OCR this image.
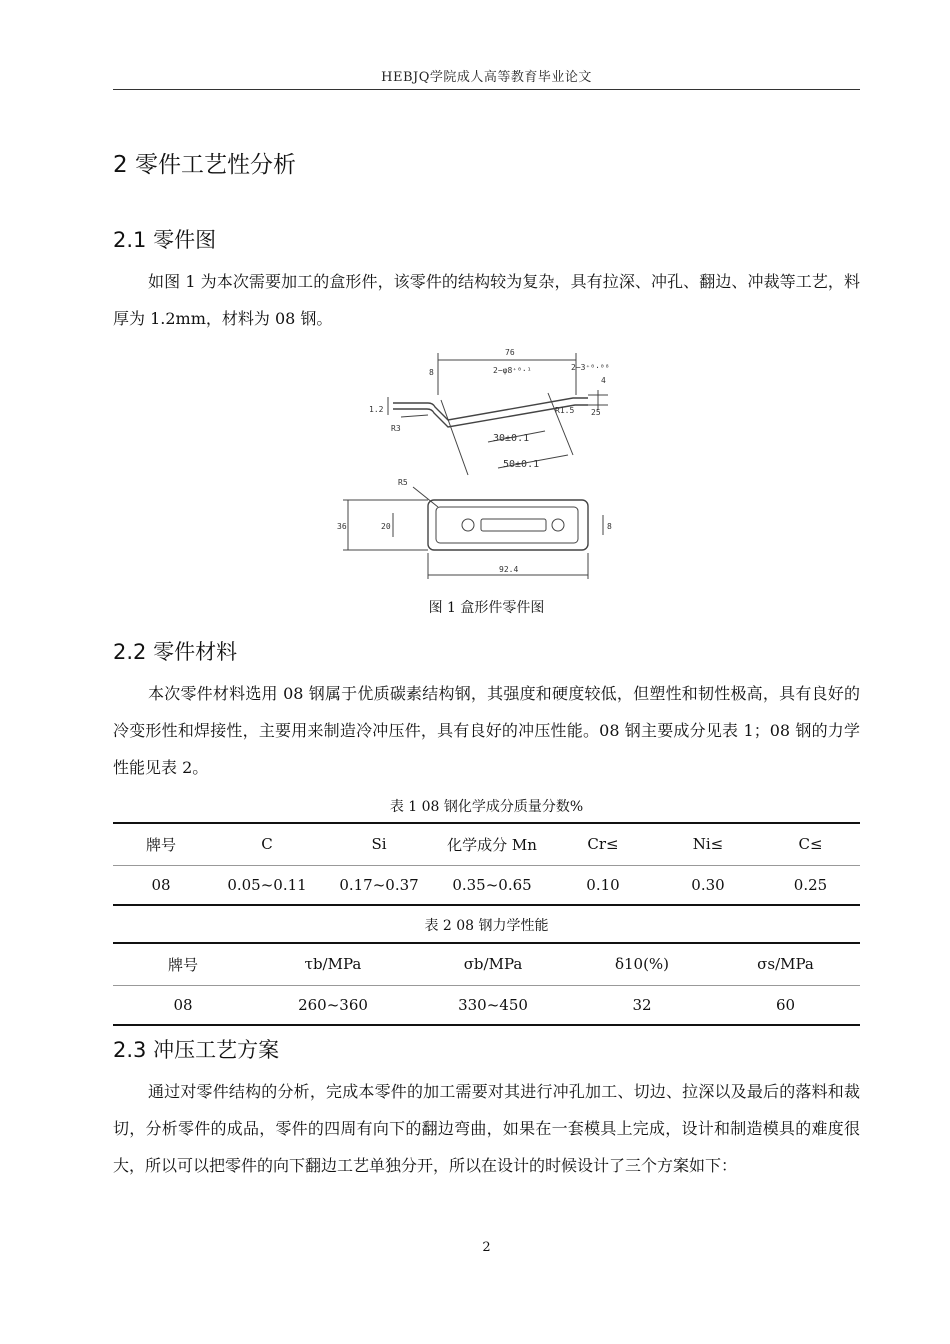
HEBJQ学院成人高等教育毕业论文
2 零件工艺性分析
2.1 零件图

如图 1 为本次需要加工的盒形件，该零件的结构较为复杂，具有拉深、冲孔、翻边、冲裁等工艺，料厚为 1.2mm，材料为 08 钢。

76
8	2−φ8⁺⁰·¹	2−3⁺⁰·⁰⁸
4
1.2
R3
R1.5 25
30±0.1
50±0.1
R5
36	20	8
92.4
图 1 盒形件零件图
2.2 零件材料

本次零件材料选用 08 钢属于优质碳素结构钢，其强度和硬度较低，但塑性和韧性极高，具有良好的冷变形性和焊接性，主要用来制造冷冲压件，具有良好的冲压性能。08 钢主要成分见表 1；08 钢的力学性能见表 2。

表 1 08 钢化学成分质量分数%
牌号	C	Si	化学成分 Mn	Cr≤	Ni≤	C≤
08	0.05~0.11	0.17~0.37	0.35~0.65	0.10	0.30	0.25
表 2 08 钢力学性能
牌号	τb/MPa	σb/MPa	δ10(%)	σs/MPa
08	260~360	330~450	32	60
2.3 冲压工艺方案

通过对零件结构的分析，完成本零件的加工需要对其进行冲孔加工、切边、拉深以及最后的落料和裁切，分析零件的成品，零件的四周有向下的翻边弯曲，如果在一套模具上完成，设计和制造模具的难度很大，所以可以把零件的向下翻边工艺单独分开，所以在设计的时候设计了三个方案如下：

2
